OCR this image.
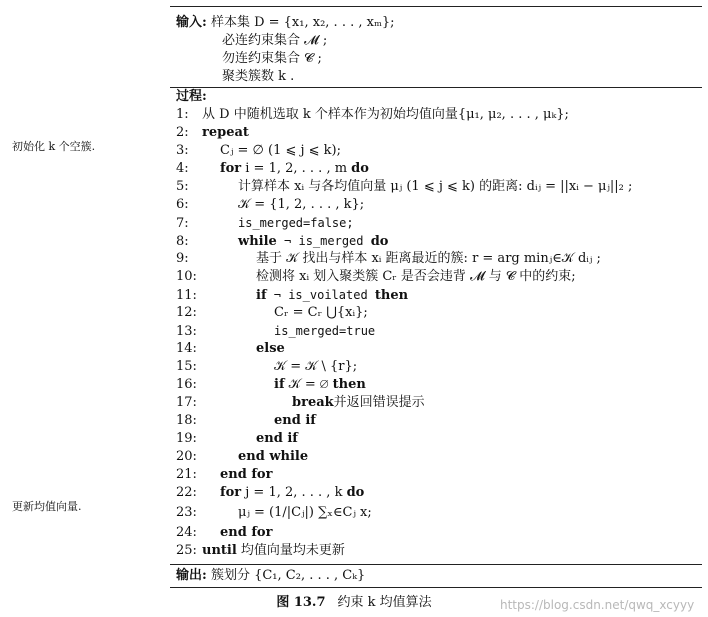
初始化 k 个空簇.
更新均值向量.
输入: 样本集 D = {x₁, x₂, . . . , xₘ};
必连约束集合 𝓜 ;
勿连约束集合 𝓒 ;
聚类簇数 k .
过程:
1: 从 D 中随机选取 k 个样本作为初始均值向量{μ₁, μ₂, . . . , μₖ};
2: repeat
3: Cⱼ = ∅ (1 ⩽ j ⩽ k);
4: for i = 1, 2, . . . , m do
5:	计算样本 xᵢ 与各均值向量 μⱼ (1 ⩽ j ⩽ k) 的距离: dᵢⱼ = ||xᵢ − μⱼ||₂ ;
6:	𝒦 = {1, 2, . . . , k};
7:	is_merged=false;
8:	while ¬ is_merged do
9:	基于 𝒦 找出与样本 xᵢ 距离最近的簇: r = arg minⱼ∈𝒦 dᵢⱼ ;
10:	检测将 xᵢ 划入聚类簇 Cᵣ 是否会违背 𝓜 与 𝓒 中的约束;
11:	if ¬ is_voilated then
12:	Cᵣ = Cᵣ ⋃{xᵢ};
13:	is_merged=true
14:	else
15:	𝒦 = 𝒦 \ {r};
16:	if 𝒦 = ∅ then
17:	break并返回错误提示
18:	end if
19:	end if
20:	end while
21: end for
22: for j = 1, 2, . . . , k do
23:	μⱼ = (1/|Cⱼ|) ∑ₓ∈Cⱼ x;
24: end for
25: until 均值向量均未更新
输出: 簇划分 {C₁, C₂, . . . , Cₖ}
图 13.7 约束 k 均值算法	https://blog.csdn.net/qwq_xcyyy
